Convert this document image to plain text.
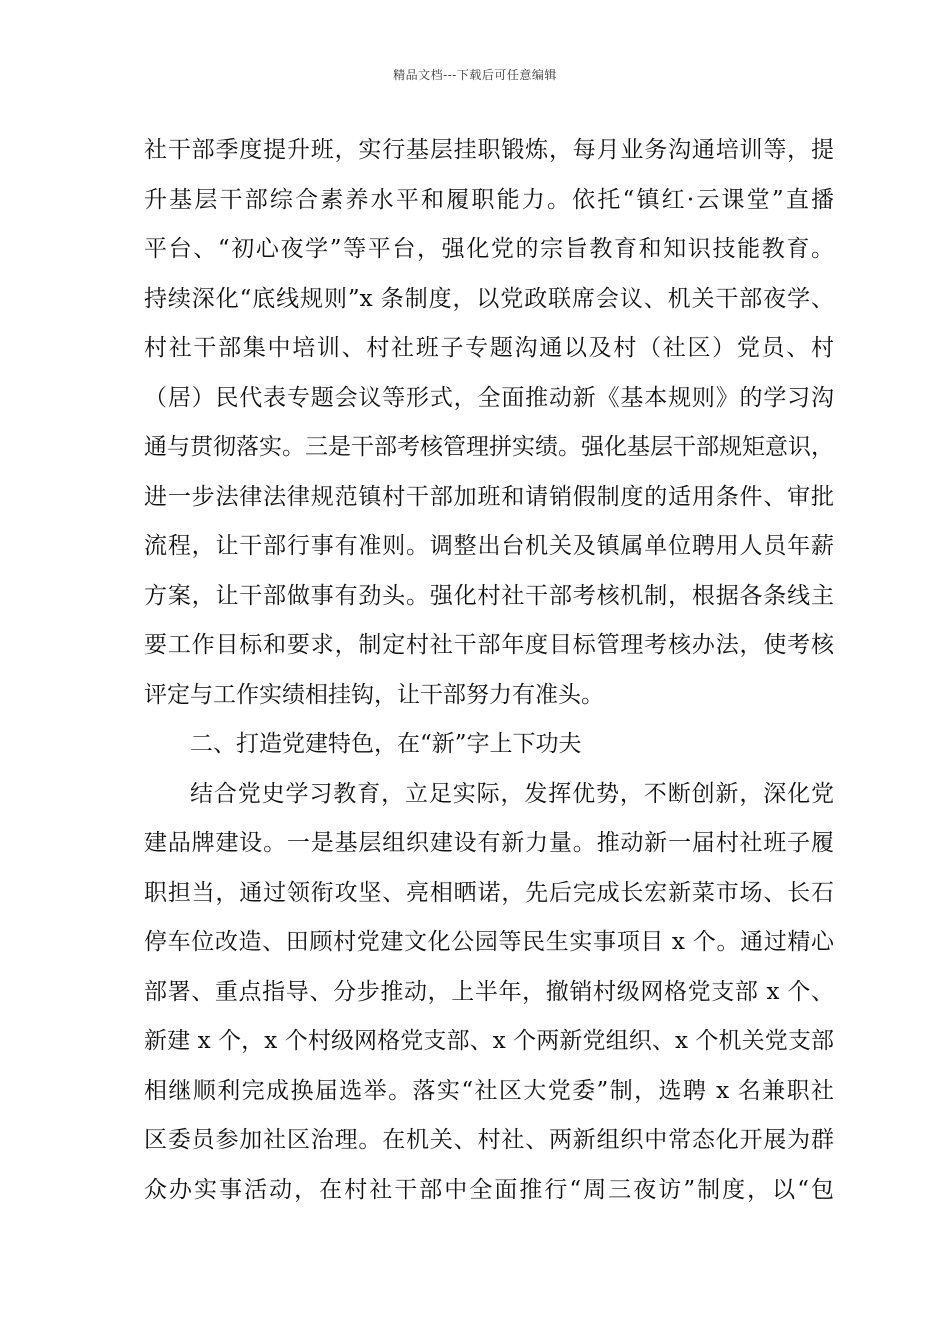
精品文档---下载后可任意编辑
社干部季度提升班，实行基层挂职锻炼，每月业务沟通培训等，提
升基层干部综合素养水平和履职能力。依托“镇红·云课堂”直播
平台、“初心夜学”等平台，强化党的宗旨教育和知识技能教育。
持续深化“底线规则”x 条制度，以党政联席会议、机关干部夜学、
村社干部集中培训、村社班子专题沟通以及村（社区）党员、村
（居）民代表专题会议等形式，全面推动新《基本规则》的学习沟
通与贯彻落实。三是干部考核管理拼实绩。强化基层干部规矩意识，
进一步法律法律规范镇村干部加班和请销假制度的适用条件、审批
流程，让干部行事有准则。调整出台机关及镇属单位聘用人员年薪
方案，让干部做事有劲头。强化村社干部考核机制，根据各条线主
要工作目标和要求，制定村社干部年度目标管理考核办法，使考核
评定与工作实绩相挂钩，让干部努力有准头。
二、打造党建特色，在“新”字上下功夫
结合党史学习教育，立足实际，发挥优势，不断创新，深化党
建品牌建设。一是基层组织建设有新力量。推动新一届村社班子履
职担当，通过领衔攻坚、亮相晒诺，先后完成长宏新菜市场、长石
停车位改造、田顾村党建文化公园等民生实事项目 x 个。通过精心
部署、重点指导、分步推动，上半年，撤销村级网格党支部 x 个、
新建 x 个，x 个村级网格党支部、x 个两新党组织、x 个机关党支部
相继顺利完成换届选举。落实“社区大党委”制，选聘 x 名兼职社
区委员参加社区治理。在机关、村社、两新组织中常态化开展为群
众办实事活动，在村社干部中全面推行“周三夜访”制度，以“包
